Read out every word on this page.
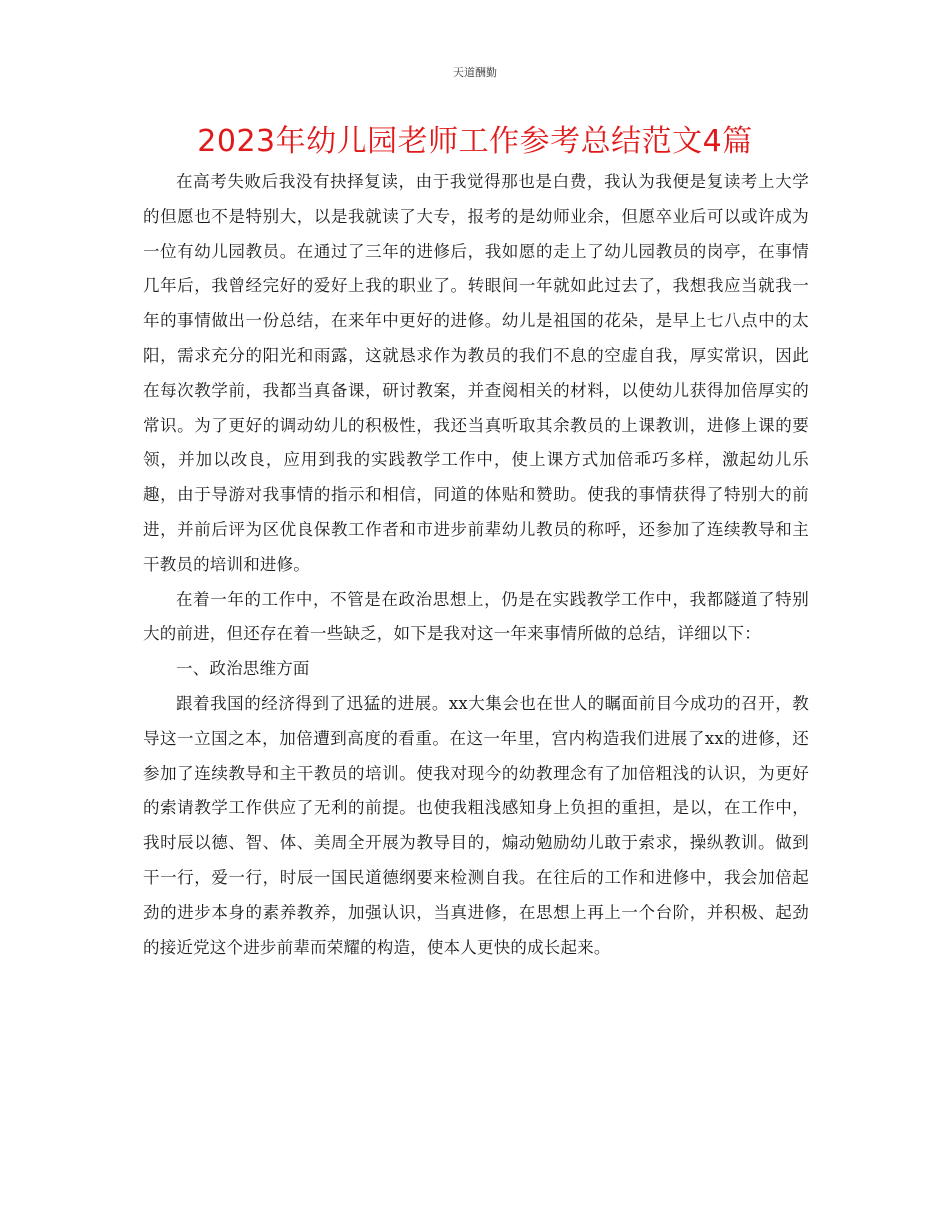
天道酬勤
2023年幼儿园老师工作参考总结范文4篇

在高考失败后我没有抉择复读，由于我觉得那也是白费，我认为我便是复读考上大学的但愿也不是特别大，以是我就读了大专，报考的是幼师业余，但愿卒业后可以或许成为一位有幼儿园教员。在通过了三年的进修后，我如愿的走上了幼儿园教员的岗亭，在事情几年后，我曾经完好的爱好上我的职业了。转眼间一年就如此过去了，我想我应当就我一年的事情做出一份总结，在来年中更好的进修。幼儿是祖国的花朵，是早上七八点中的太阳，需求充分的阳光和雨露，这就恳求作为教员的我们不息的空虚自我，厚实常识，因此在每次教学前，我都当真备课，研讨教案，并查阅相关的材料，以使幼儿获得加倍厚实的常识。为了更好的调动幼儿的积极性，我还当真听取其余教员的上课教训，进修上课的要领，并加以改良，应用到我的实践教学工作中，使上课方式加倍乖巧多样，激起幼儿乐趣，由于导游对我事情的指示和相信，同道的体贴和赞助。使我的事情获得了特别大的前进，并前后评为区优良保教工作者和市进步前辈幼儿教员的称呼，还参加了连续教导和主干教员的培训和进修。

在着一年的工作中，不管是在政治思想上，仍是在实践教学工作中，我都隧道了特别大的前进，但还存在着一些缺乏，如下是我对这一年来事情所做的总结，详细以下：

一、政治思维方面

跟着我国的经济得到了迅猛的进展。xx大集会也在世人的瞩面前目今成功的召开，教导这一立国之本，加倍遭到高度的看重。在这一年里，宫内构造我们进展了xx的进修，还参加了连续教导和主干教员的培训。使我对现今的幼教理念有了加倍粗浅的认识，为更好的索请教学工作供应了无利的前提。也使我粗浅感知身上负担的重担，是以，在工作中，我时辰以德、智、体、美周全开展为教导目的，煽动勉励幼儿敢于索求，操纵教训。做到干一行，爱一行，时辰一国民道德纲要来检测自我。在往后的工作和进修中，我会加倍起劲的进步本身的素养教养，加强认识，当真进修，在思想上再上一个台阶，并积极、起劲的接近党这个进步前辈而荣耀的构造，使本人更快的成长起来。
